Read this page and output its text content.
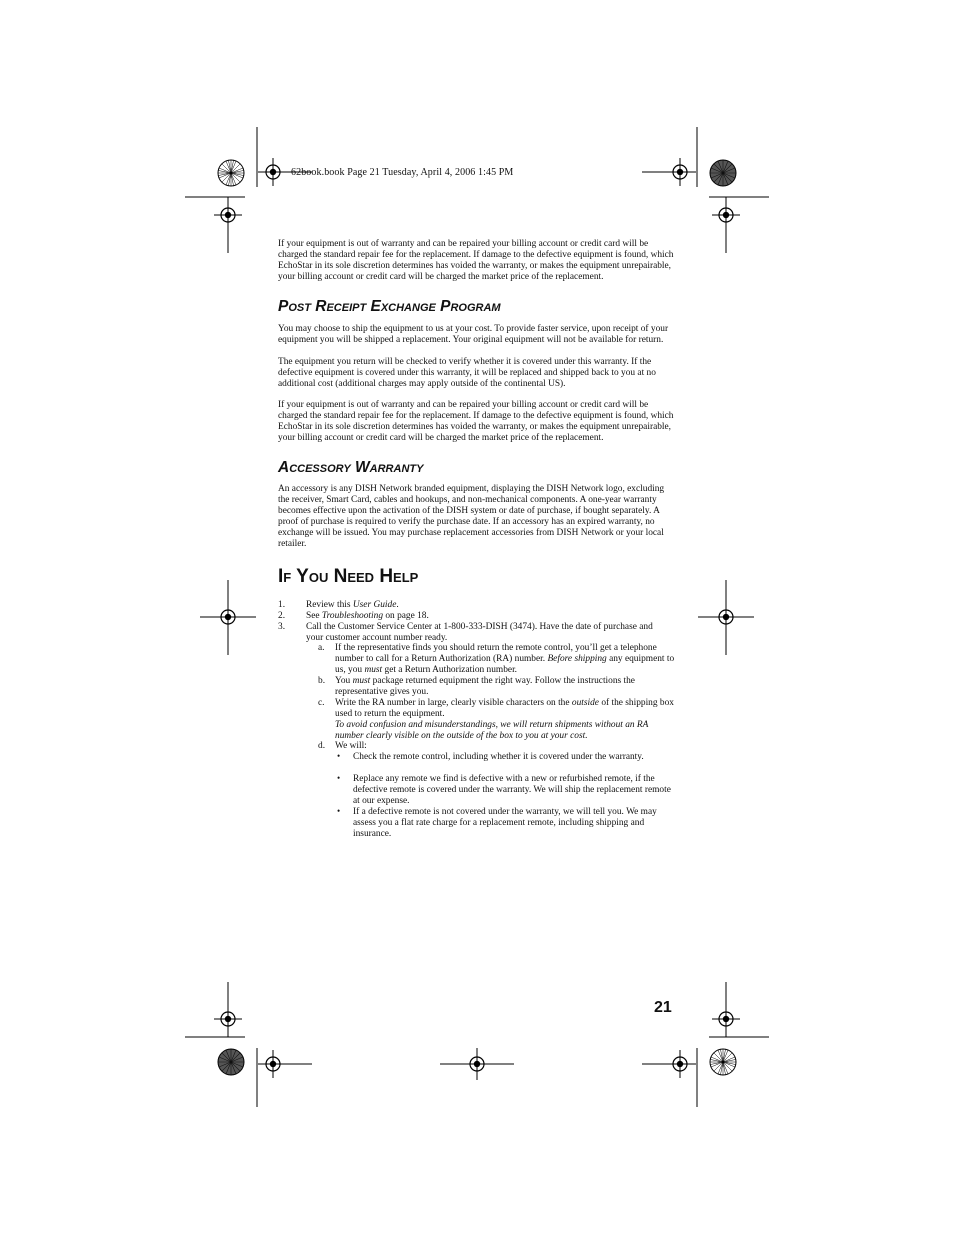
62book.book Page 21 Tuesday, April 4, 2006 1:45 PM
If your equipment is out of warranty and can be repaired your billing account or credit card will be charged the standard repair fee for the replacement. If damage to the defective equipment is found, which EchoStar in its sole discretion determines has voided the warranty, or makes the equipment unrepairable, your billing account or credit card will be charged the market price of the replacement.
Post Receipt Exchange Program
You may choose to ship the equipment to us at your cost. To provide faster service, upon receipt of your equipment you will be shipped a replacement. Your original equipment will not be available for return.
The equipment you return will be checked to verify whether it is covered under this warranty. If the defective equipment is covered under this warranty, it will be replaced and shipped back to you at no additional cost (additional charges may apply outside of the continental US).
If your equipment is out of warranty and can be repaired your billing account or credit card will be charged the standard repair fee for the replacement. If damage to the defective equipment is found, which EchoStar in its sole discretion determines has voided the warranty, or makes the equipment unrepairable, your billing account or credit card will be charged the market price of the replacement.
Accessory Warranty
An accessory is any DISH Network branded equipment, displaying the DISH Network logo, excluding the receiver, Smart Card, cables and hookups, and non-mechanical components. A one-year warranty becomes effective upon the activation of the DISH system or date of purchase, if bought separately. A proof of purchase is required to verify the purchase date. If an accessory has an expired warranty, no exchange will be issued. You may purchase replacement accessories from DISH Network or your local retailer.
If You Need Help
1. Review this User Guide.
2. See Troubleshooting on page 18.
3. Call the Customer Service Center at 1-800-333-DISH (3474). Have the date of purchase and your customer account number ready.
a. If the representative finds you should return the remote control, you’ll get a telephone number to call for a Return Authorization (RA) number. Before shipping any equipment to us, you must get a Return Authorization number.
b. You must package returned equipment the right way. Follow the instructions the representative gives you.
c. Write the RA number in large, clearly visible characters on the outside of the shipping box used to return the equipment.
To avoid confusion and misunderstandings, we will return shipments without an RA number clearly visible on the outside of the box to you at your cost.
d. We will:
• Check the remote control, including whether it is covered under the warranty.
• Replace any remote we find is defective with a new or refurbished remote, if the defective remote is covered under the warranty. We will ship the replacement remote at our expense.
• If a defective remote is not covered under the warranty, we will tell you. We may assess you a flat rate charge for a replacement remote, including shipping and insurance.
21
